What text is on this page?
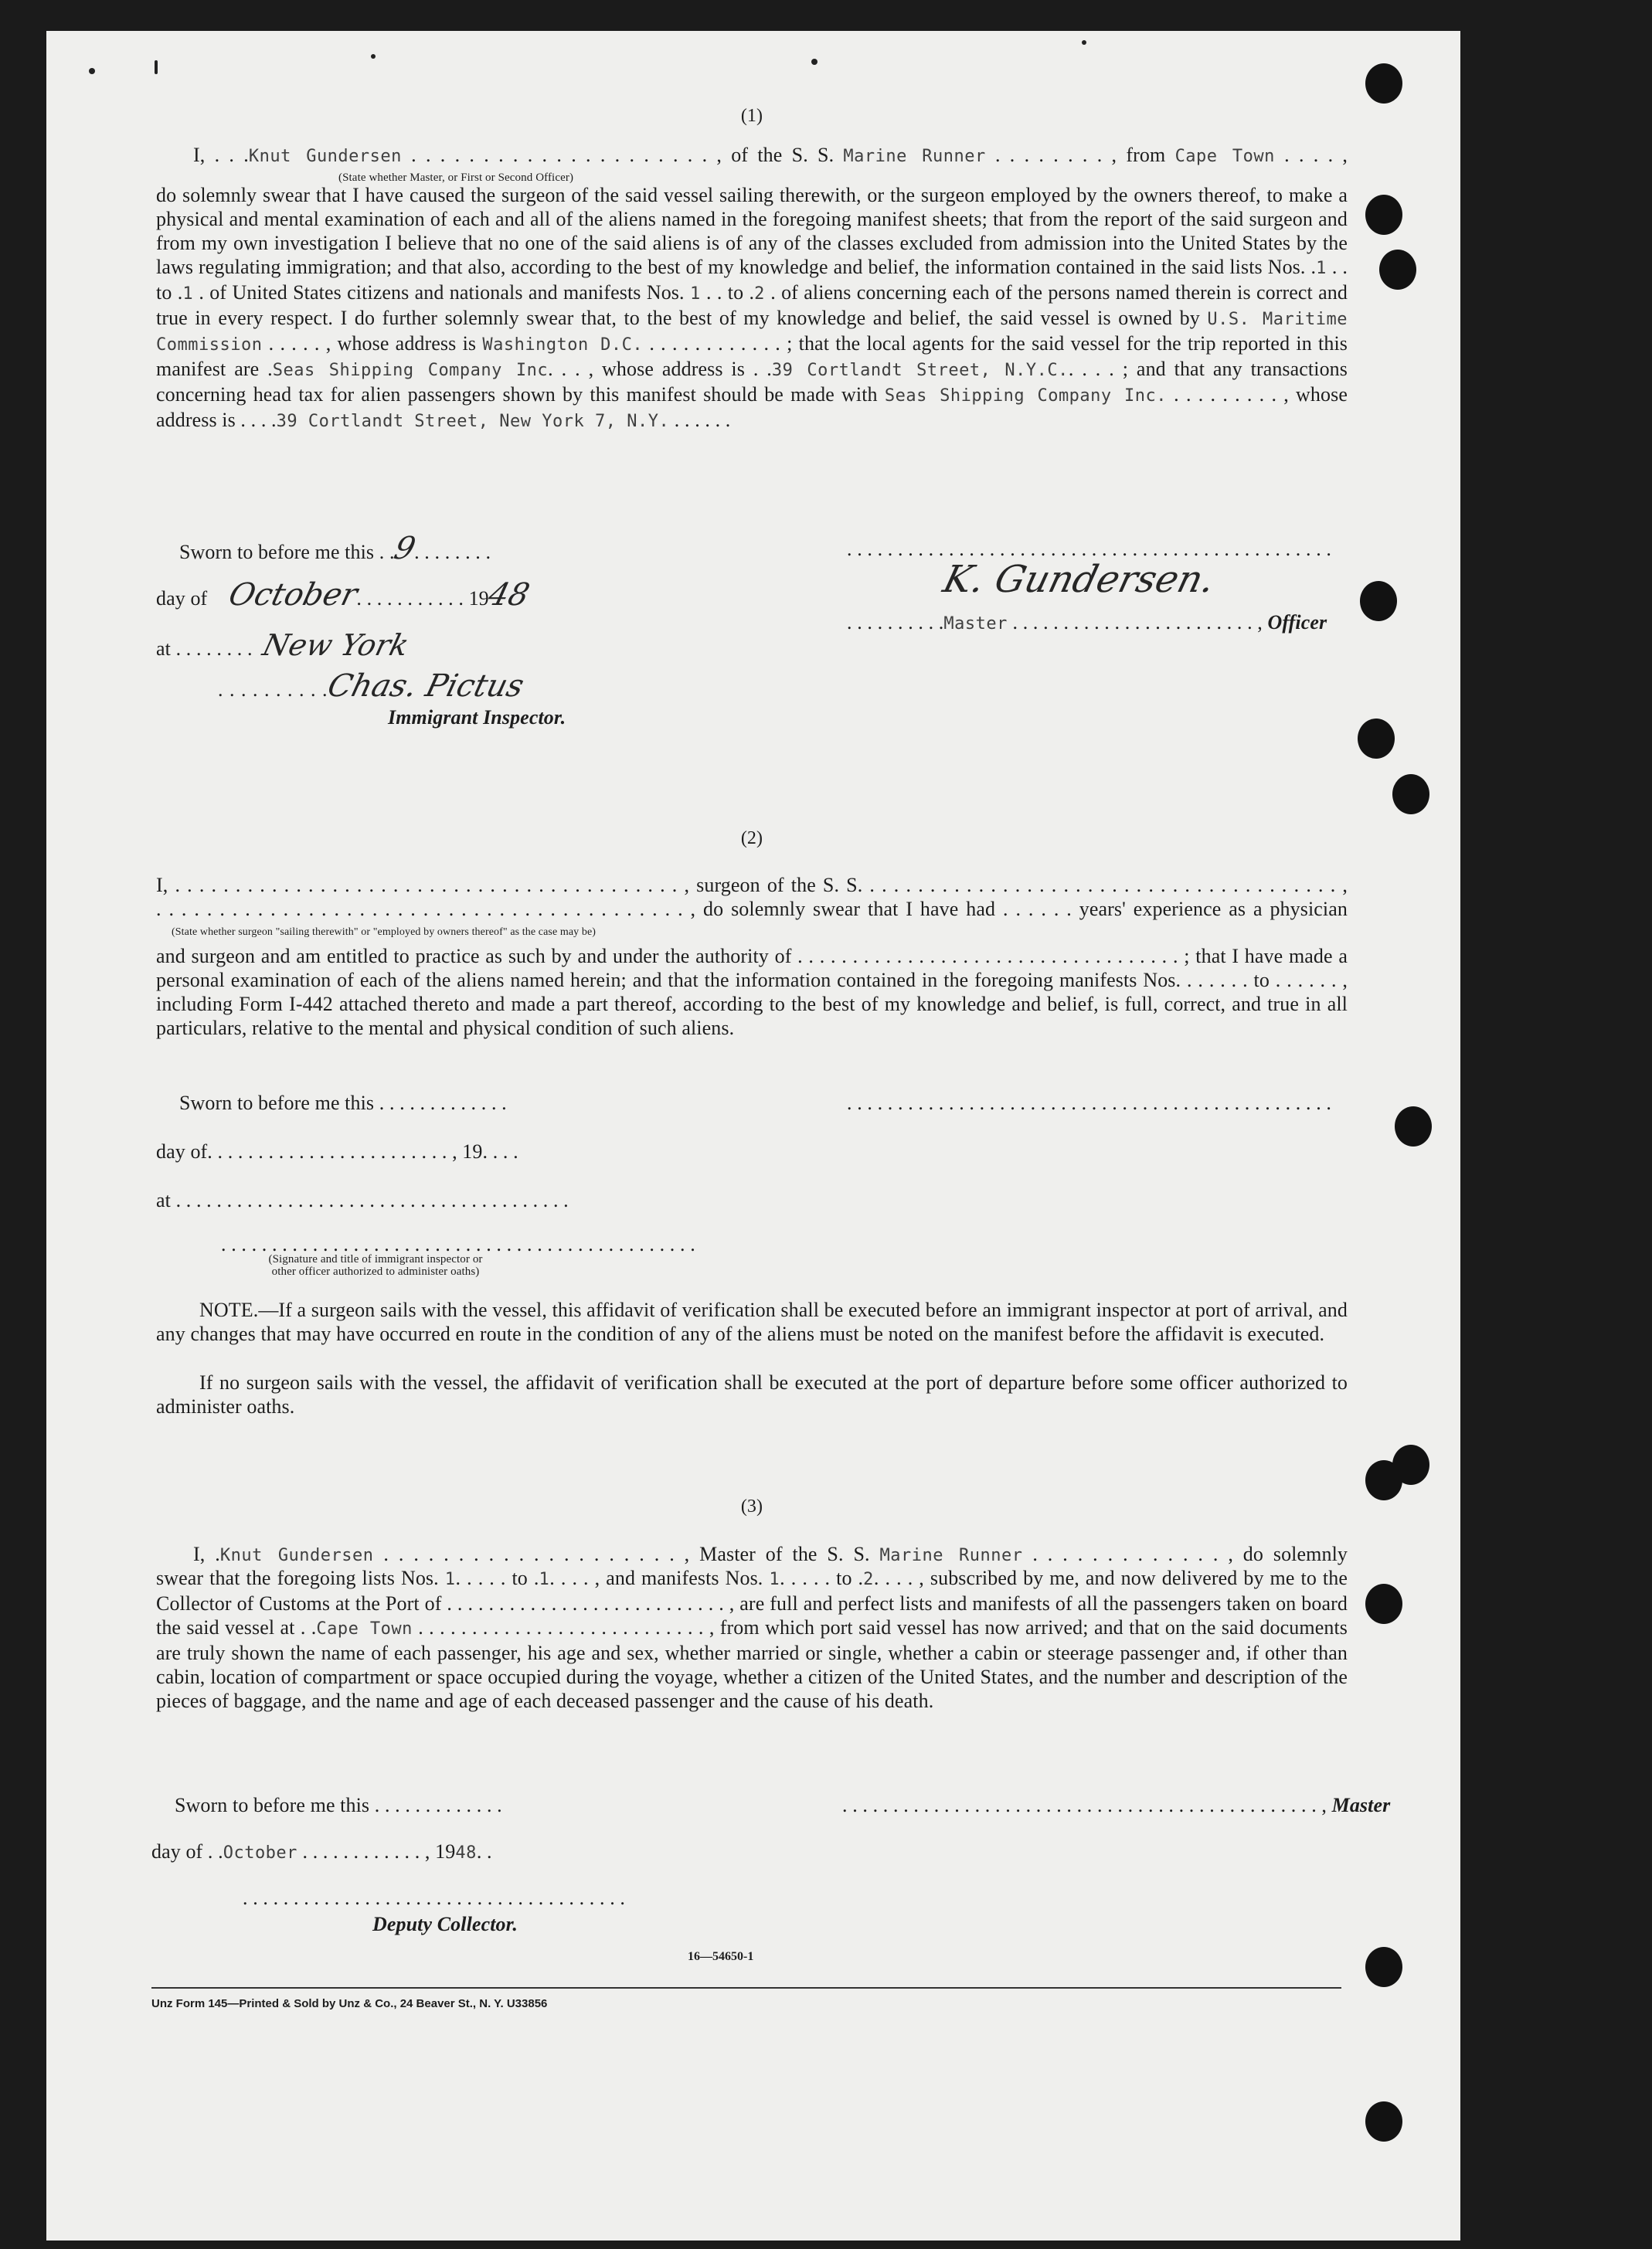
(1)
I, . . .Knut Gundersen . . . . . . . . . . . . . . . . . . . . . , of the S. S. Marine Runner . . . . . . . . , from Cape Town . . . . ,
(State whether Master, or First or Second Officer)

do solemnly swear that I have caused the surgeon of the said vessel sailing therewith, or the surgeon employed by the owners thereof, to make a physical and mental examination of each and all of the aliens named in the foregoing manifest sheets; that from the report of the said surgeon and from my own investigation I believe that no one of the said aliens is of any of the classes excluded from admission into the United States by the laws regulating immigration; and that also, according to the best of my knowledge and belief, the information contained in the said lists Nos. .1 . . to .1 . of United States citizens and nationals and manifests Nos. 1 . . to .2 . of aliens concerning each of the persons named therein is correct and true in every respect. I do further solemnly swear that, to the best of my knowledge and belief, the said vessel is owned by U.S. Maritime Commission . . . . . , whose address is Washington D.C. . . . . . . . . . . . . ; that the local agents for the said vessel for the trip reported in this manifest are .Seas Shipping Company Inc. . . , whose address is . .39 Cortlandt Street, N.Y.C.. . . . ; and that any transactions concerning head tax for alien passengers shown by this manifest should be made with Seas Shipping Company Inc. . . . . . . . . . , whose address is . . . .39 Cortlandt Street, New York 7, N.Y. . . . . . .

Sworn to before me this . .9. . . . . . . .
day of October. . . . . . . . . . . 1948
at . . . . . . . . New York
. . . . . . . . . .Chas. Pictus
Immigrant Inspector.
. . . . . . . . . . . . . . . . . . . . . . . . . . . . . . . . . . . . . . . . . . . . . . . .
K. Gundersen.
. . . . . . . . . .Master . . . . . . . . . . . . . . . . . . . . . . . . , Officer
(2)
I, . . . . . . . . . . . . . . . . . . . . . . . . . . . . . . . . . . . . . . . . . . , surgeon of the S. S. . . . . . . . . . . . . . . . . . . . . . . . . . . . . . . . . . . . . . . . ,
. . . . . . . . . . . . . . . . . . . . . . . . . . . . . . . . . . . . . . . . . . , do solemnly swear that I have had . . . . . . years' experience as a physician
(State whether surgeon "sailing therewith" or "employed by owners thereof" as the case may be)

and surgeon and am entitled to practice as such by and under the authority of . . . . . . . . . . . . . . . . . . . . . . . . . . . . . . . . . . . ; that I have made a personal examination of each of the aliens named herein; and that the information contained in the foregoing manifests Nos. . . . . . . to . . . . . . , including Form I-442 attached thereto and made a part thereof, according to the best of my knowledge and belief, is full, correct, and true in all particulars, relative to the mental and physical condition of such aliens.

Sworn to before me this . . . . . . . . . . . . .	. . . . . . . . . . . . . . . . . . . . . . . . . . . . . . . . . . . . . . . . . . . . . . . .
day of. . . . . . . . . . . . . . . . . . . . . . . . , 19. . . .
at . . . . . . . . . . . . . . . . . . . . . . . . . . . . . . . . . . . . . . .
. . . . . . . . . . . . . . . . . . . . . . . . . . . . . . . . . . . . . . . . . . . . . . .
(Signature and title of immigrant inspector or other officer authorized to administer oaths)

NOTE.—If a surgeon sails with the vessel, this affidavit of verification shall be executed before an immigrant inspector at port of arrival, and any changes that may have occurred en route in the condition of any of the aliens must be noted on the manifest before the affidavit is executed.

If no surgeon sails with the vessel, the affidavit of verification shall be executed at the port of departure before some officer authorized to administer oaths.

(3)
I, .Knut Gundersen . . . . . . . . . . . . . . . . . . . . , Master of the S. S. Marine Runner . . . . . . . . . . . . . , do solemnly

swear that the foregoing lists Nos. 1. . . . . to .1. . . . , and manifests Nos. 1. . . . . to .2. . . . , subscribed by me, and now delivered by me to the Collector of Customs at the Port of . . . . . . . . . . . . . . . . . . . . . . . . . . . , are full and perfect lists and manifests of all the passengers taken on board the said vessel at . .Cape Town . . . . . . . . . . . . . . . . . . . . . . . . . . . , from which port said vessel has now arrived; and that on the said documents are truly shown the name of each passenger, his age and sex, whether married or single, whether a cabin or steerage passenger and, if other than cabin, location of compartment or space occupied during the voyage, whether a citizen of the United States, and the number and description of the pieces of baggage, and the name and age of each deceased passenger and the cause of his death.

Sworn to before me this . . . . . . . . . . . . .	. . . . . . . . . . . . . . . . . . . . . . . . . . . . . . . . . . . . . . . . . . . . . . . , Master
day of . .October . . . . . . . . . . . . , 1948. .
. . . . . . . . . . . . . . . . . . . . . . . . . . . . . . . . . . . . . .
Deputy Collector.
16—54650-1
Unz Form 145—Printed & Sold by Unz & Co., 24 Beaver St., N. Y. U33856
